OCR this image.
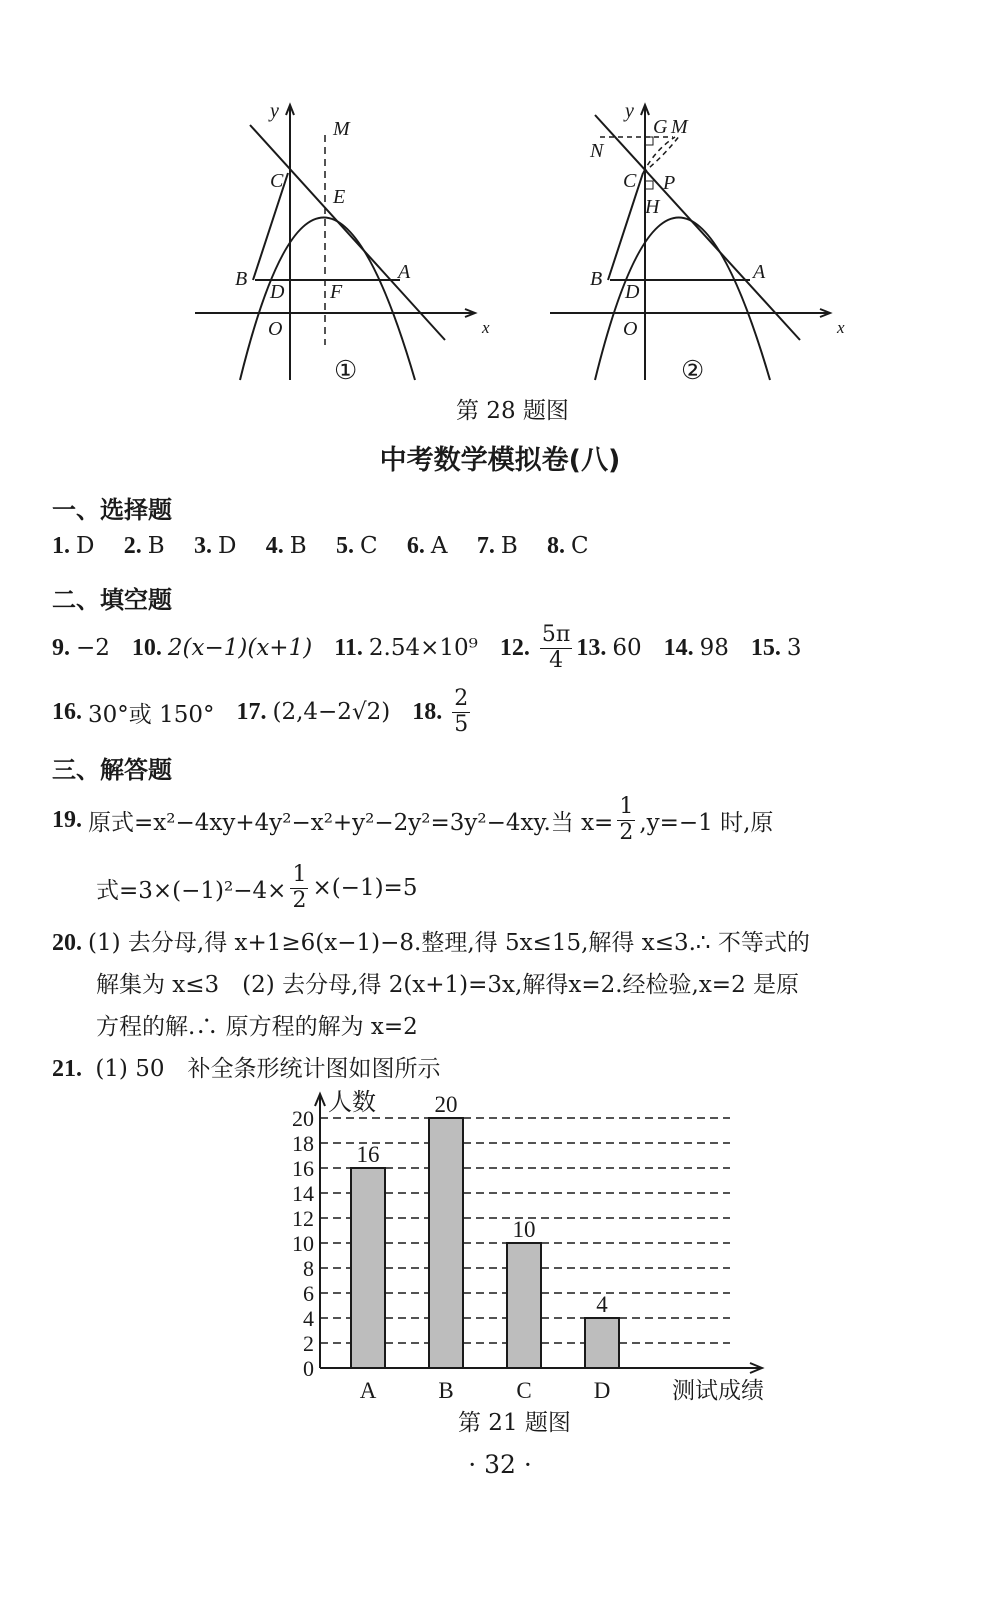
y
M
C
E
B	A
D F
O	x
y
G M
N
C P
H
B	A
D
O	x
①	②
第 28 题图
中考数学模拟卷(八)
一、选择题
1. D 2. B 3. D 4. B 5. C 6. A 7. B 8. C
二、填空题
9. −2 10. 2(x−1)(x+1) 11. 2.54×10⁹ 12. $\frac{5\pi}{4} 13$. 60 14. 98 15. 3
16. 30°或 150° 17. (2,4−2√2) 18. $\frac{2}{5}$
三、解答题
19. 原式=x²−4xy+4y²−x²+y²−2y²=3y²−4xy.当 $x= \frac{1}{2} ,y=-1$ 时,原
式$=3\times(-1)^2-4\times \frac{1}{2} \times(-1)=5$
20. (1) 去分母,得 x+1≥6(x−1)−8.整理,得 5x≤15,解得 x≤3.∴ 不等式的
解集为 x≤3　(2) 去分母,得 2(x+1)=3x,解得x=2.经检验,x=2 是原
方程的解.∴ 原方程的解为 x=2
21. (1) 50　补全条形统计图如图所示
0
2
4
6
8
10
12
14
16
18
20
人数
测试成绩
16
A
20
B
10
C
4
D
第 21 题图
· 32 ·
